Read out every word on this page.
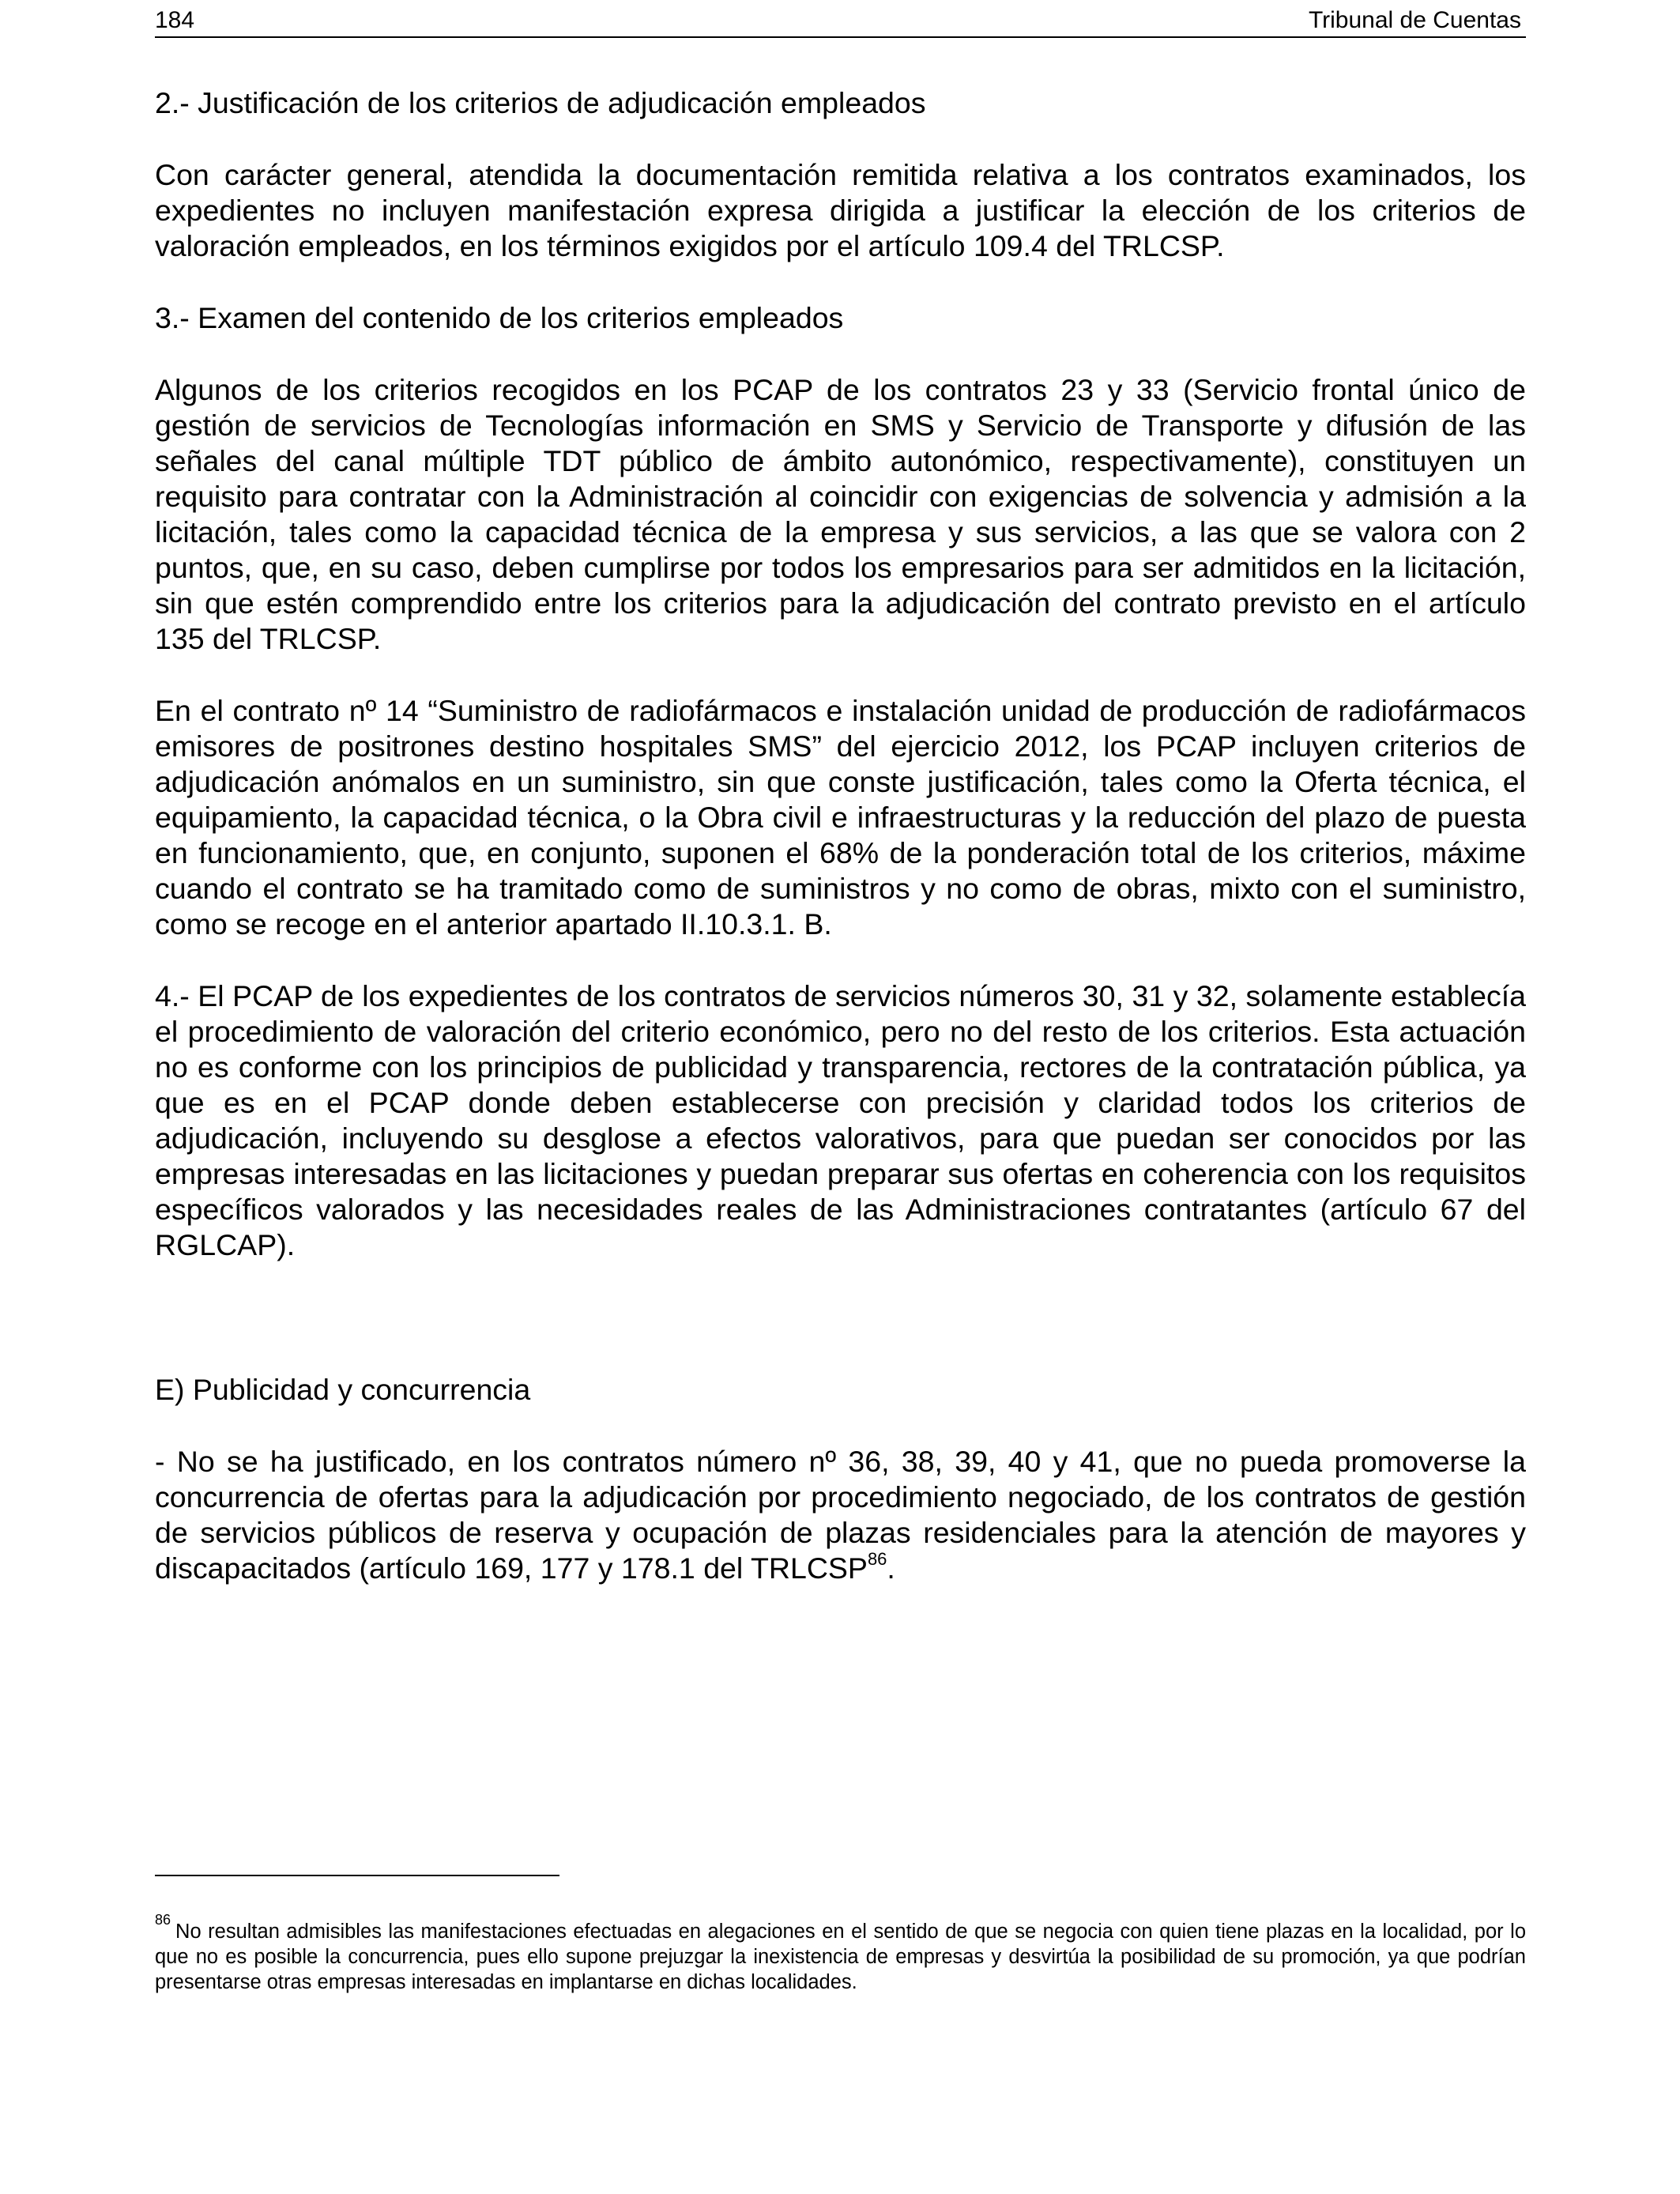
184	Tribunal de Cuentas

2.- Justificación de los criterios de adjudicación empleados

Con carácter general, atendida la documentación remitida relativa a los contratos examinados, los expedientes no incluyen manifestación expresa dirigida a justificar la elección de los criterios de valoración empleados, en los términos exigidos por el artículo 109.4 del TRLCSP.

3.- Examen del contenido de los criterios empleados

Algunos de los criterios recogidos en los PCAP de los contratos 23 y 33 (Servicio frontal único de gestión de servicios de Tecnologías información en SMS y Servicio de Transporte y difusión de las señales del canal múltiple TDT público de ámbito autonómico, respectivamente), constituyen un requisito para contratar con la Administración al coincidir con exigencias de solvencia y admisión a la licitación, tales como la capacidad técnica de la empresa y sus servicios, a las que se valora con 2 puntos, que, en su caso, deben cumplirse por todos los empresarios para ser admitidos en la licitación, sin que estén comprendido entre los criterios para la adjudicación del contrato previsto en el artículo 135 del TRLCSP.

En el contrato nº 14 “Suministro de radiofármacos e instalación unidad de producción de radiofármacos emisores de positrones destino hospitales SMS” del ejercicio 2012, los PCAP incluyen criterios de adjudicación anómalos en un suministro, sin que conste justificación, tales como la Oferta técnica, el equipamiento, la capacidad técnica, o la Obra civil e infraestructuras y la reducción del plazo de puesta en funcionamiento, que, en conjunto, suponen el 68% de la ponderación total de los criterios, máxime cuando el contrato se ha tramitado como de suministros y no como de obras, mixto con el suministro, como se recoge en el anterior apartado II.10.3.1. B.

4.- El PCAP de los expedientes de los contratos de servicios números 30, 31 y 32, solamente establecía el procedimiento de valoración del criterio económico, pero no del resto de los criterios. Esta actuación no es conforme con los principios de publicidad y transparencia, rectores de la contratación pública, ya que es en el PCAP donde deben establecerse con precisión y claridad todos los criterios de adjudicación, incluyendo su desglose a efectos valorativos, para que puedan ser conocidos por las empresas interesadas en las licitaciones y puedan preparar sus ofertas en coherencia con los requisitos específicos valorados y las necesidades reales de las Administraciones contratantes (artículo 67 del RGLCAP).

E) Publicidad y concurrencia

- No se ha justificado, en los contratos número nº 36, 38, 39, 40 y 41, que no pueda promoverse la concurrencia de ofertas para la adjudicación por procedimiento negociado, de los contratos de gestión de servicios públicos de reserva y ocupación de plazas residenciales para la atención de mayores y discapacitados (artículo 169, 177 y 178.1 del TRLCSP$^{86}$.

$^{86}$No resultan admisibles las manifestaciones efectuadas en alegaciones en el sentido de que se negocia con quien tiene plazas en la localidad, por lo que no es posible la concurrencia, pues ello supone prejuzgar la inexistencia de empresas y desvirtúa la posibilidad de su promoción, ya que podrían presentarse otras empresas interesadas en implantarse en dichas localidades.
